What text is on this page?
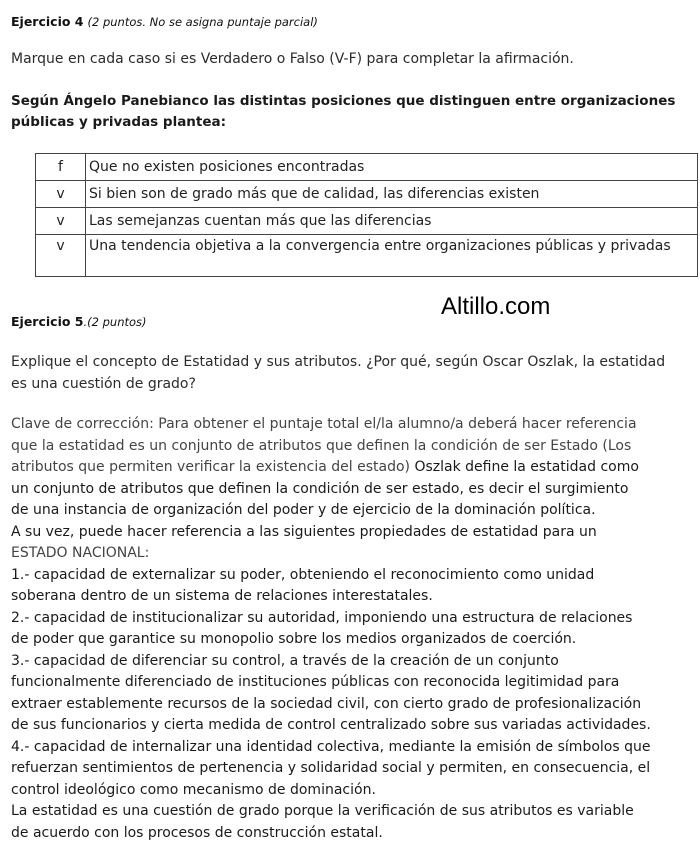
Ejercicio 4 (2 puntos. No se asigna puntaje parcial)
Marque en cada caso si es Verdadero o Falso (V-F) para completar la afirmación.
Según Ángelo Panebianco las distintas posiciones que distinguen entre organizaciones
públicas y privadas plantea:
f	Que no existen posiciones encontradas
v	Si bien son de grado más que de calidad, las diferencias existen
v	Las semejanzas cuentan más que las diferencias
v	Una tendencia objetiva a la convergencia entre organizaciones públicas y privadas
Altillo.com
Ejercicio 5.(2 puntos)
Explique el concepto de Estatidad y sus atributos. ¿Por qué, según Oscar Oszlak, la estatidad
es una cuestión de grado?
Clave de corrección: Para obtener el puntaje total el/la alumno/a deberá hacer referencia
que la estatidad es un conjunto de atributos que definen la condición de ser Estado (Los
atributos que permiten verificar la existencia del estado) Oszlak define la estatidad como
un conjunto de atributos que definen la condición de ser estado, es decir el surgimiento
de una instancia de organización del poder y de ejercicio de la dominación política.
A su vez, puede hacer referencia a las siguientes propiedades de estatidad para un
ESTADO NACIONAL:
1.- capacidad de externalizar su poder, obteniendo el reconocimiento como unidad
soberana dentro de un sistema de relaciones interestatales.
2.- capacidad de institucionalizar su autoridad, imponiendo una estructura de relaciones
de poder que garantice su monopolio sobre los medios organizados de coerción.
3.- capacidad de diferenciar su control, a través de la creación de un conjunto
funcionalmente diferenciado de instituciones públicas con reconocida legitimidad para
extraer establemente recursos de la sociedad civil, con cierto grado de profesionalización
de sus funcionarios y cierta medida de control centralizado sobre sus variadas actividades.
4.- capacidad de internalizar una identidad colectiva, mediante la emisión de símbolos que
refuerzan sentimientos de pertenencia y solidaridad social y permiten, en consecuencia, el
control ideológico como mecanismo de dominación.
La estatidad es una cuestión de grado porque la verificación de sus atributos es variable
de acuerdo con los procesos de construcción estatal.
